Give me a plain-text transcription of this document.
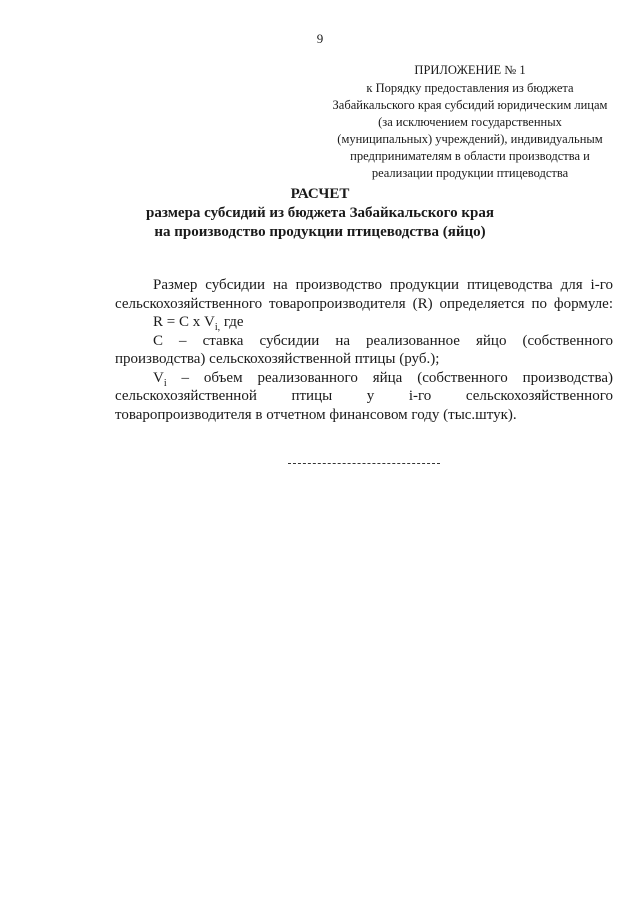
9
ПРИЛОЖЕНИЕ № 1
к Порядку предоставления из бюджета
Забайкальского края субсидий юридическим лицам
(за исключением государственных
(муниципальных) учреждений), индивидуальным
предпринимателям в области производства и
реализации продукции птицеводства
РАСЧЕТ
размера субсидий из бюджета Забайкальского края
на производство продукции птицеводства (яйцо)
Размер субсидии на производство продукции птицеводства для i-го
сельскохозяйственного товаропроизводителя (R) определяется по формуле:
R = С х $V_{i,}$ где
С – ставка субсидии на реализованное яйцо (собственного
производства) сельскохозяйственной птицы (руб.);
$V_i$ – объем реализованного яйца (собственного производства)
сельскохозяйственной птицы у i-го сельскохозяйственного
товаропроизводителя в отчетном финансовом году (тыс.штук).
